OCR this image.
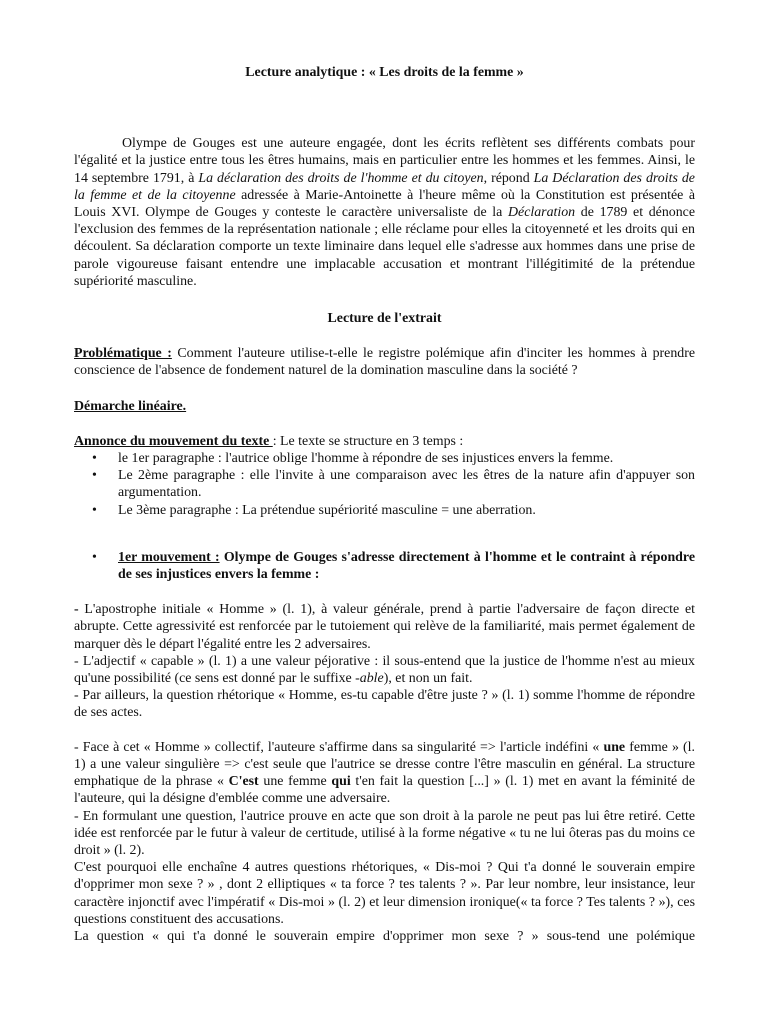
Lecture analytique : « Les droits de la femme »

Olympe de Gouges est une auteure engagée, dont les écrits reflètent ses différents combats pour l'égalité et la justice entre tous les êtres humains, mais en particulier entre les hommes et les femmes. Ainsi, le 14 septembre 1791, à La déclaration des droits de l'homme et du citoyen, répond La Déclaration des droits de la femme et de la citoyenne adressée à Marie-Antoinette à l'heure même où la Constitution est présentée à Louis XVI. Olympe de Gouges y conteste le caractère universaliste de la Déclaration de 1789 et dénonce l'exclusion des femmes de la représentation nationale ; elle réclame pour elles la citoyenneté et les droits qui en découlent. Sa déclaration comporte un texte liminaire dans lequel elle s'adresse aux hommes dans une prise de parole vigoureuse faisant entendre une implacable accusation et montrant l'illégitimité de la prétendue supériorité masculine.

Lecture de l'extrait

Problématique : Comment l'auteure utilise-t-elle le registre polémique afin d'inciter les hommes à prendre conscience de l'absence de fondement naturel de la domination masculine dans la société ?

Démarche linéaire.

Annonce du mouvement du texte : Le texte se structure en 3 temps :

• le 1er paragraphe : l'autrice oblige l'homme à répondre de ses injustices envers la femme.
• Le 2ème paragraphe : elle l'invite à une comparaison avec les êtres de la nature afin d'appuyer son argumentation.
• Le 3ème paragraphe : La prétendue supériorité masculine = une aberration.
• 1er mouvement : Olympe de Gouges s'adresse directement à l'homme et le contraint à répondre de ses injustices envers la femme :

- L'apostrophe initiale « Homme » (l. 1), à valeur générale, prend à partie l'adversaire de façon directe et abrupte. Cette agressivité est renforcée par le tutoiement qui relève de la familiarité, mais permet également de marquer dès le départ l'égalité entre les 2 adversaires.

- L'adjectif « capable » (l. 1) a une valeur péjorative : il sous-entend que la justice de l'homme n'est au mieux qu'une possibilité (ce sens est donné par le suffixe -able), et non un fait.

- Par ailleurs, la question rhétorique « Homme, es-tu capable d'être juste ? » (l. 1) somme l'homme de répondre de ses actes.

- Face à cet « Homme » collectif, l'auteure s'affirme dans sa singularité => l'article indéfini « une femme » (l. 1) a une valeur singulière => c'est seule que l'autrice se dresse contre l'être masculin en général. La structure emphatique de la phrase « C'est une femme qui t'en fait la question [...] » (l. 1) met en avant la féminité de l'auteure, qui la désigne d'emblée comme une adversaire.

- En formulant une question, l'autrice prouve en acte que son droit à la parole ne peut pas lui être retiré. Cette idée est renforcée par le futur à valeur de certitude, utilisé à la forme négative « tu ne lui ôteras pas du moins ce droit » (l. 2).

C'est pourquoi elle enchaîne 4 autres questions rhétoriques, « Dis-moi ? Qui t'a donné le souverain empire d'opprimer mon sexe ? » , dont 2 elliptiques « ta force ? tes talents ? ». Par leur nombre, leur insistance, leur caractère injonctif avec l'impératif « Dis-moi » (l. 2) et leur dimension ironique(« ta force ? Tes talents ? »), ces questions constituent des accusations.

La question « qui t'a donné le souverain empire d'opprimer mon sexe ? » sous-tend une polémique
